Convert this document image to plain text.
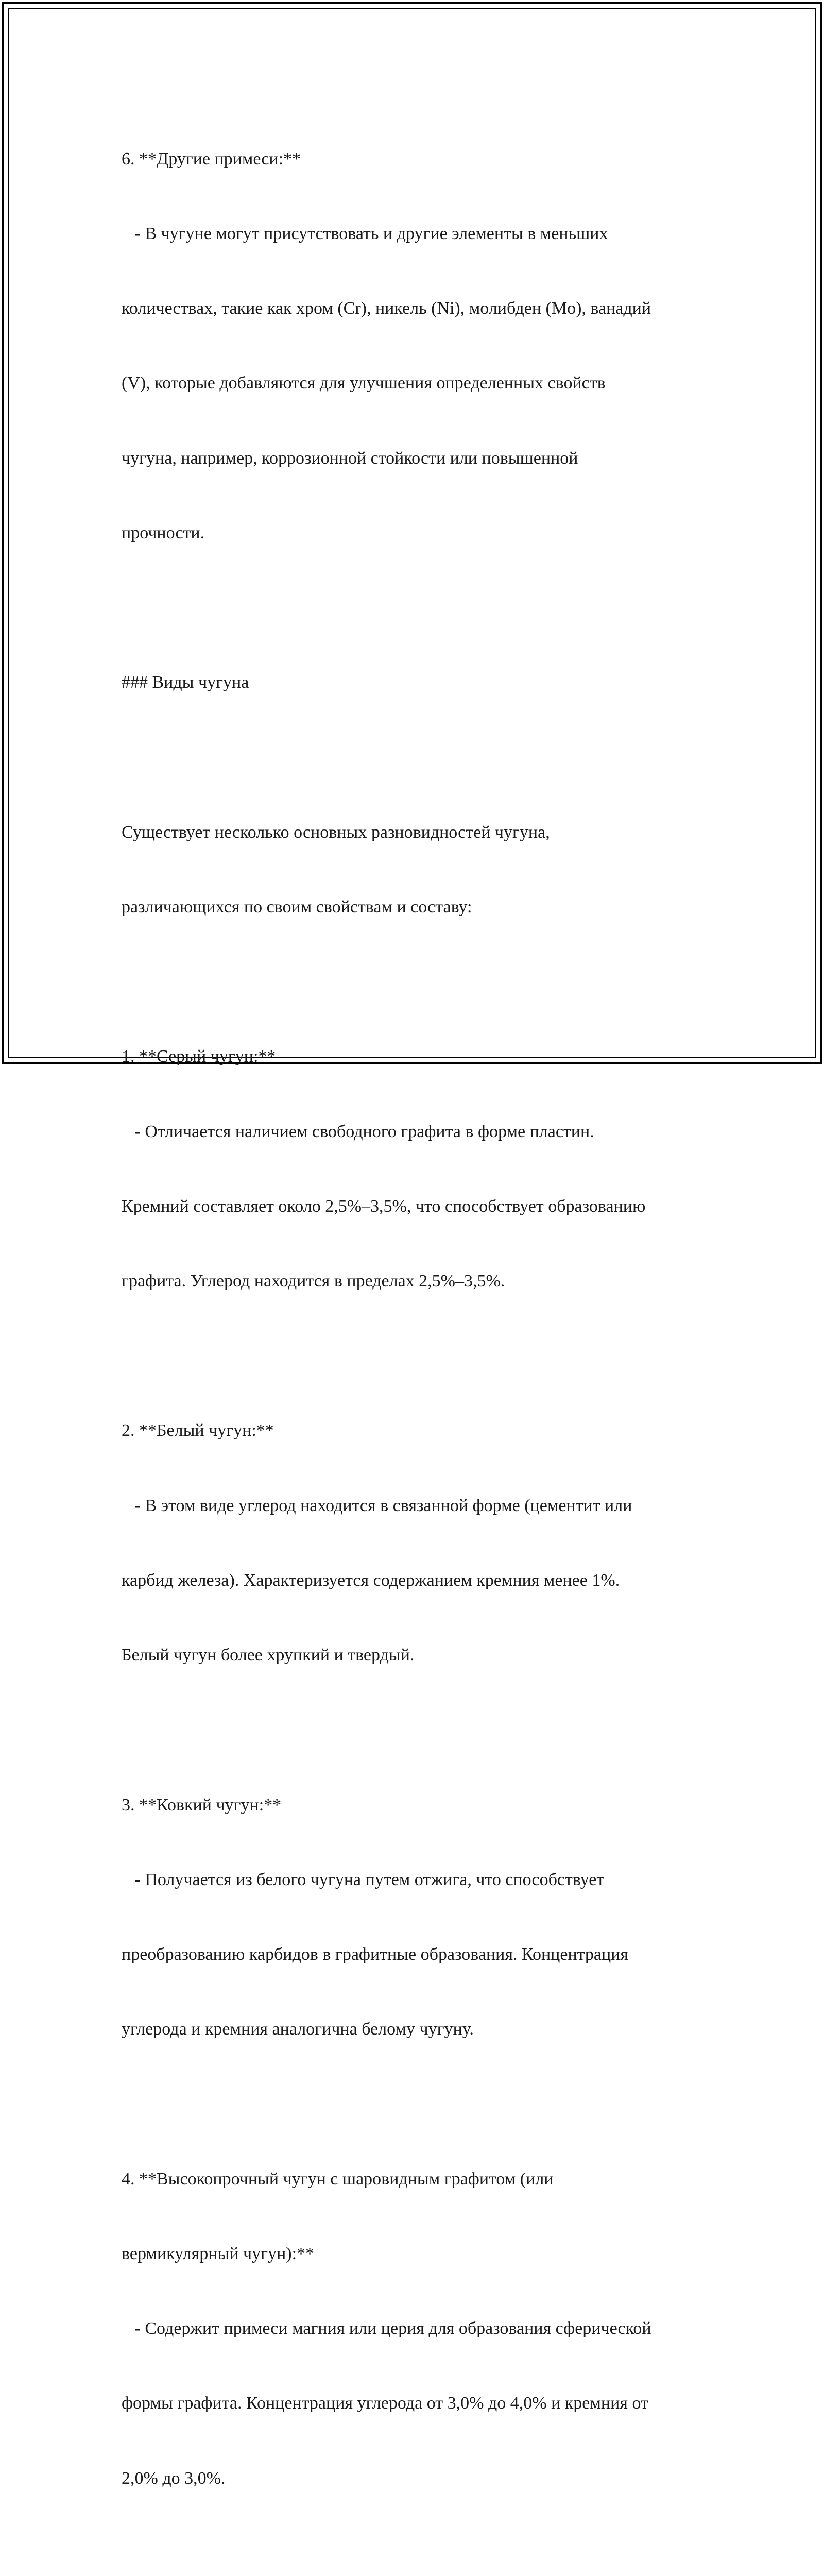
6. **Другие примеси:**

- В чугуне могут присутствовать и другие элементы в меньших

количествах, такие как хром (Cr), никель (Ni), молибден (Mo), ванадий

(V), которые добавляются для улучшения определенных свойств

чугуна, например, коррозионной стойкости или повышенной

прочности.

### Виды чугуна

Существует несколько основных разновидностей чугуна,

различающихся по своим свойствам и составу:

1. **Серый чугун:**

- Отличается наличием свободного графита в форме пластин.

Кремний составляет около 2,5%–3,5%, что способствует образованию

графита. Углерод находится в пределах 2,5%–3,5%.

2. **Белый чугун:**

- В этом виде углерод находится в связанной форме (цементит или

карбид железа). Характеризуется содержанием кремния менее 1%.

Белый чугун более хрупкий и твердый.

3. **Ковкий чугун:**

- Получается из белого чугуна путем отжига, что способствует

преобразованию карбидов в графитные образования. Концентрация

углерода и кремния аналогична белому чугуну.

4. **Высокопрочный чугун с шаровидным графитом (или

вермикулярный чугун):**

- Содержит примеси магния или церия для образования сферической

формы графита. Концентрация углерода от 3,0% до 4,0% и кремния от

2,0% до 3,0%.
